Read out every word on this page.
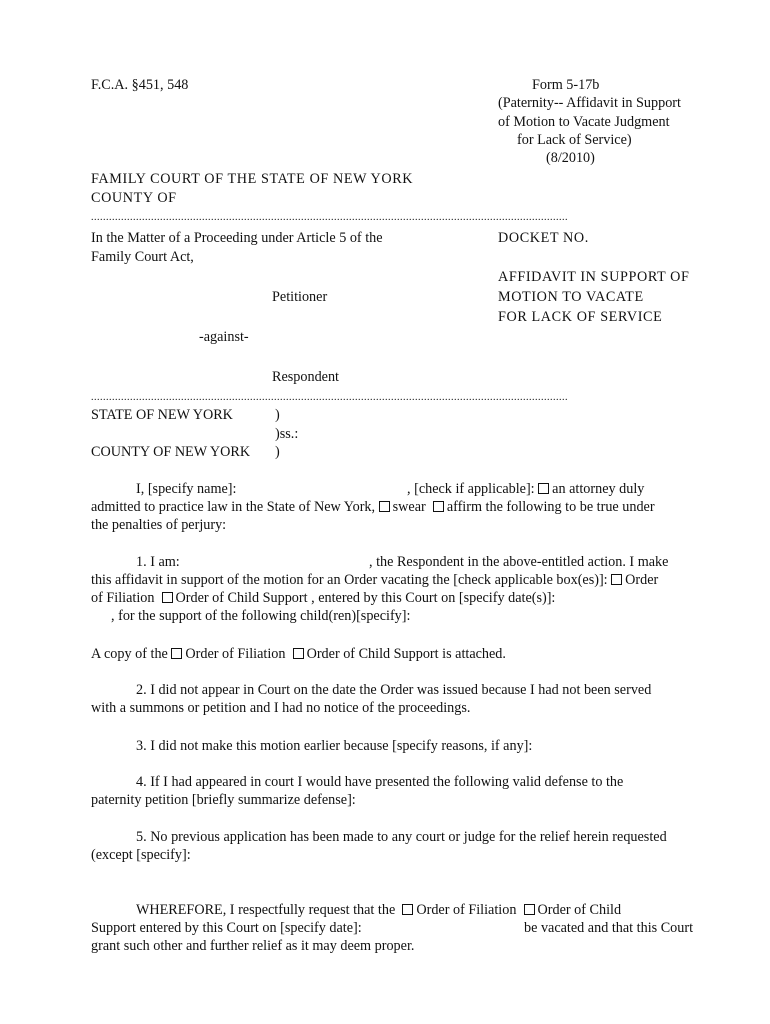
F.C.A. §451, 548	Form 5-17b
(Paternity-- Affidavit in Support
of Motion to Vacate Judgment
for Lack of Service)
(8/2010)
FAMILY COURT OF THE STATE OF NEW YORK
COUNTY OF
...............................................................................................................................................................
In the Matter of a Proceeding under Article 5 of the
Family Court Act,
DOCKET NO.
AFFIDAVIT IN SUPPORT OF
MOTION TO VACATE
FOR LACK OF SERVICE
Petitioner
-against-
Respondent
...............................................................................................................................................................
STATE OF NEW YORK	)
)ss.:
COUNTY OF NEW YORK )
I, [specify name]:	, [check if applicable]: an attorney duly
admitted to practice law in the State of New York, swear affirm the following to be true under
the penalties of perjury:
1. I am:	, the Respondent in the above-entitled action. I make
this affidavit in support of the motion for an Order vacating the [check applicable box(es)]: Order
of Filiation Order of Child Support , entered by this Court on [specify date(s)]:
, for the support of the following child(ren)[specify]:
A copy of the Order of Filiation Order of Child Support is attached.
2. I did not appear in Court on the date the Order was issued because I had not been served
with a summons or petition and I had no notice of the proceedings.
3. I did not make this motion earlier because [specify reasons, if any]:
4. If I had appeared in court I would have presented the following valid defense to the
paternity petition [briefly summarize defense]:
5. No previous application has been made to any court or judge for the relief herein requested
(except [specify]:
WHEREFORE, I respectfully request that the Order of Filiation Order of Child
Support entered by this Court on [specify date]:	be vacated and that this Court
grant such other and further relief as it may deem proper.
